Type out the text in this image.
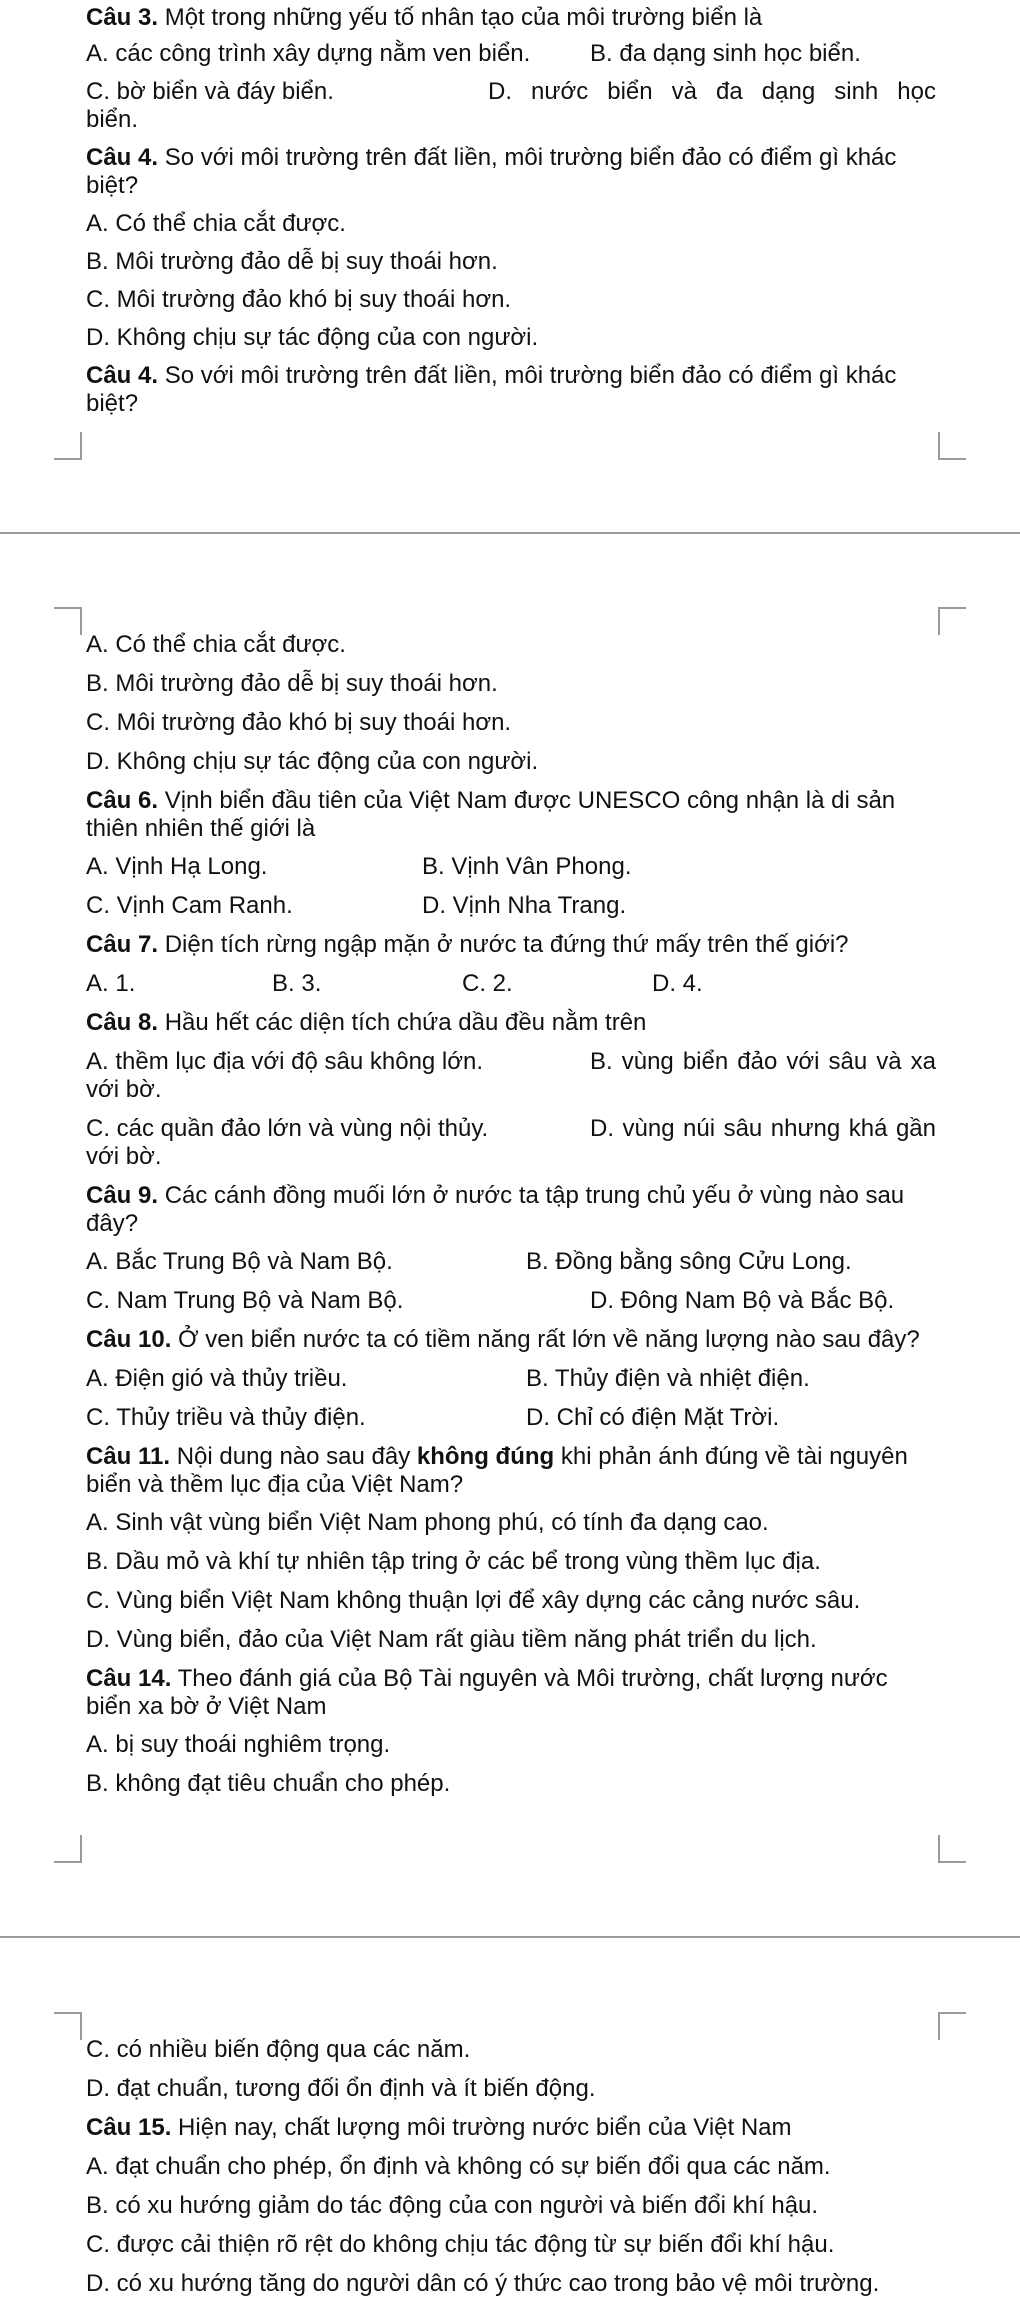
Câu 3. Một trong những yếu tố nhân tạo của môi trường biển là

A. các công trình xây dựng nằm ven biển.	B. đa dạng sinh học biển.
C. bờ biển và đáy biển.	D. nước biển và đa dạng sinh học

biển.

Câu 4. So với môi trường trên đất liền, môi trường biển đảo có điểm gì khác

biệt?

A. Có thể chia cắt được.

B. Môi trường đảo dễ bị suy thoái hơn.

C. Môi trường đảo khó bị suy thoái hơn.

D. Không chịu sự tác động của con người.

Câu 4. So với môi trường trên đất liền, môi trường biển đảo có điểm gì khác

biệt?

A. Có thể chia cắt được.

B. Môi trường đảo dễ bị suy thoái hơn.

C. Môi trường đảo khó bị suy thoái hơn.

D. Không chịu sự tác động của con người.

Câu 6. Vịnh biển đầu tiên của Việt Nam được UNESCO công nhận là di sản

thiên nhiên thế giới là

A. Vịnh Hạ Long.	B. Vịnh Vân Phong.
C. Vịnh Cam Ranh.	D. Vịnh Nha Trang.

Câu 7. Diện tích rừng ngập mặn ở nước ta đứng thứ mấy trên thế giới?

A. 1.	B. 3.	C. 2.	D. 4.

Câu 8. Hầu hết các diện tích chứa dầu đều nằm trên

A. thềm lục địa với độ sâu không lớn.	B. vùng biển đảo với sâu và xa

với bờ.

C. các quần đảo lớn và vùng nội thủy.	D. vùng núi sâu nhưng khá gần

với bờ.

Câu 9. Các cánh đồng muối lớn ở nước ta tập trung chủ yếu ở vùng nào sau

đây?

A. Bắc Trung Bộ và Nam Bộ.	B. Đồng bằng sông Cửu Long.
C. Nam Trung Bộ và Nam Bộ.	D. Đông Nam Bộ và Bắc Bộ.

Câu 10. Ở ven biển nước ta có tiềm năng rất lớn về năng lượng nào sau đây?

A. Điện gió và thủy triều.	B. Thủy điện và nhiệt điện.
C. Thủy triều và thủy điện.	D. Chỉ có điện Mặt Trời.

Câu 11. Nội dung nào sau đây không đúng khi phản ánh đúng về tài nguyên

biển và thềm lục địa của Việt Nam?

A. Sinh vật vùng biển Việt Nam phong phú, có tính đa dạng cao.

B. Dầu mỏ và khí tự nhiên tập tring ở các bể trong vùng thềm lục địa.

C. Vùng biển Việt Nam không thuận lợi để xây dựng các cảng nước sâu.

D. Vùng biển, đảo của Việt Nam rất giàu tiềm năng phát triển du lịch.

Câu 14. Theo đánh giá của Bộ Tài nguyên và Môi trường, chất lượng nước

biển xa bờ ở Việt Nam

A. bị suy thoái nghiêm trọng.

B. không đạt tiêu chuẩn cho phép.

C. có nhiều biến động qua các năm.

D. đạt chuẩn, tương đối ổn định và ít biến động.

Câu 15. Hiện nay, chất lượng môi trường nước biển của Việt Nam

A. đạt chuẩn cho phép, ổn định và không có sự biến đổi qua các năm.

B. có xu hướng giảm do tác động của con người và biến đổi khí hậu.

C. được cải thiện rõ rệt do không chịu tác động từ sự biến đổi khí hậu.

D. có xu hướng tăng do người dân có ý thức cao trong bảo vệ môi trường.
